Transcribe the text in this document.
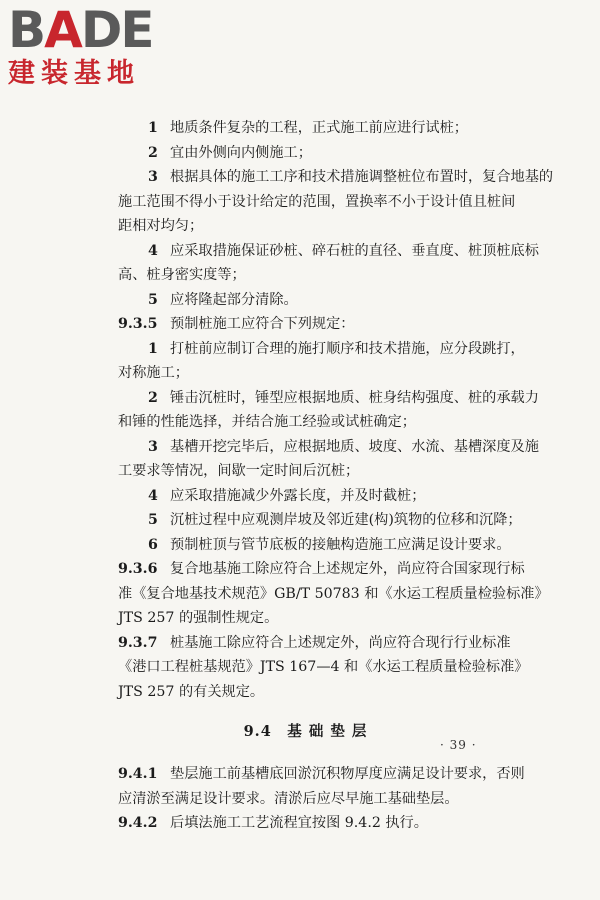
BADE
建装基地
1 地质条件复杂的工程，正式施工前应进行试桩；
2 宜由外侧向内侧施工；
3 根据具体的施工工序和技术措施调整桩位布置时，复合地基的
施工范围不得小于设计给定的范围，置换率不小于设计值且桩间
距相对均匀；
4 应采取措施保证砂桩、碎石桩的直径、垂直度、桩顶桩底标
高、桩身密实度等；
5 应将隆起部分清除。
9.3.5 预制桩施工应符合下列规定：
1 打桩前应制订合理的施打顺序和技术措施，应分段跳打，
对称施工；
2 锤击沉桩时，锤型应根据地质、桩身结构强度、桩的承载力
和锤的性能选择，并结合施工经验或试桩确定；
3 基槽开挖完毕后，应根据地质、坡度、水流、基槽深度及施
工要求等情况，间歇一定时间后沉桩；
4 应采取措施减少外露长度，并及时截桩；
5 沉桩过程中应观测岸坡及邻近建(构)筑物的位移和沉降；
6 预制桩顶与管节底板的接触构造施工应满足设计要求。
9.3.6 复合地基施工除应符合上述规定外，尚应符合国家现行标
准《复合地基技术规范》GB/T 50783 和《水运工程质量检验标准》
JTS 257 的强制性规定。
9.3.7 桩基施工除应符合上述规定外，尚应符合现行行业标准
《港口工程桩基规范》JTS 167—4 和《水运工程质量检验标准》
JTS 257 的有关规定。
9.4　基 础 垫 层
9.4.1 垫层施工前基槽底回淤沉积物厚度应满足设计要求，否则
应清淤至满足设计要求。清淤后应尽早施工基础垫层。
9.4.2 后填法施工工艺流程宜按图 9.4.2 执行。
· 39 ·
